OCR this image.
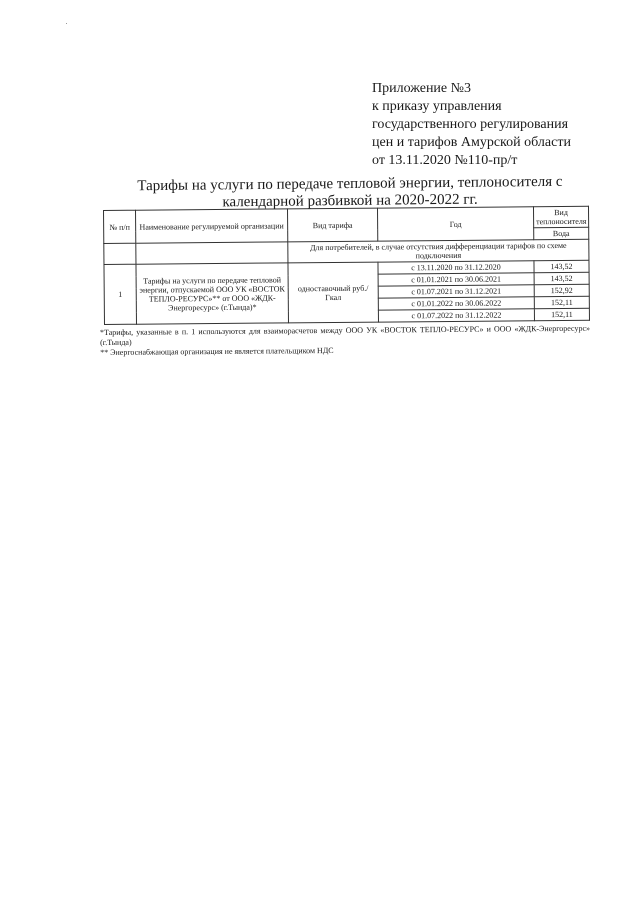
Приложение №3
к приказу управления
государственного регулирования
цен и тарифов Амурской области
от 13.11.2020 №110-пр/т
Тарифы на услуги по передаче тепловой энергии, теплоносителя с
календарной разбивкой на 2020-2022 гг.
№ п/п	Наименование регулируемой организации	Вид тарифа	Год	Вид теплоносителя
				Вода
		Для потребителей, в случае отсутствия дифференциации тарифов по схеме подключения		
1	Тарифы на услуги по передаче тепловой энергии, отпускаемой ООО УК «ВОСТОК ТЕПЛО-РЕСУРС»** от ООО «ЖДК-Энергоресурс» (г.Тында)*	одноставочный руб./Гкал	с 13.11.2020 по 31.12.2020	143,52
			с 01.01.2021 по 30.06.2021	143,52
			с 01.07.2021 по 31.12.2021	152,92
			с 01.01.2022 по 30.06.2022	152,11
			с 01.07.2022 по 31.12.2022	152,11

*Тарифы, указанные в п. 1 используются для взаиморасчетов между ООО УК «ВОСТОК ТЕПЛО-РЕСУРС» и ООО «ЖДК-Энергоресурс» (г.Тында)

** Энергоснабжающая организация не является плательщиком НДС
